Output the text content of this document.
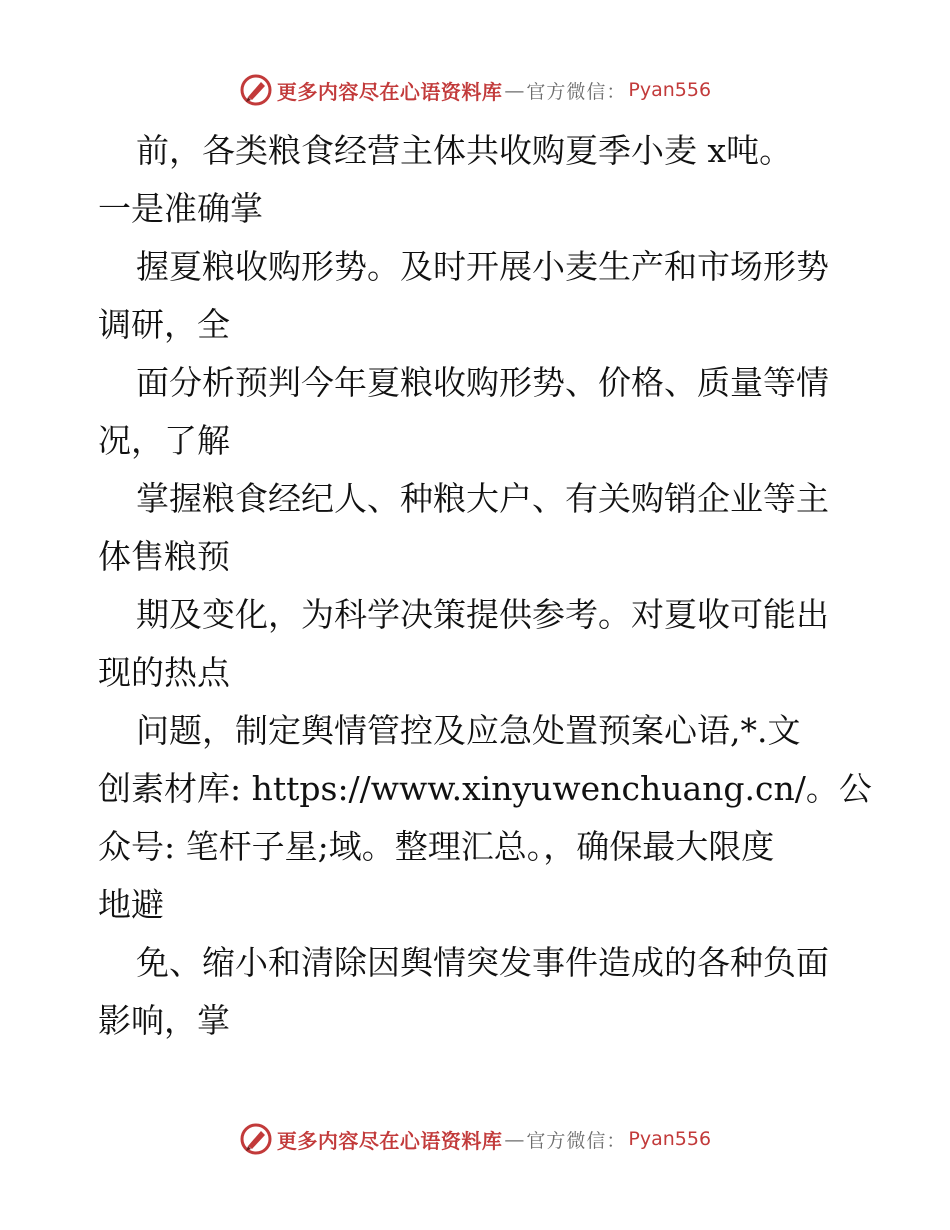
更多内容尽在心语资料库 — 官方微信： Pyan556
前，各类粮食经营主体共收购夏季小麦 x吨。
一是准确掌
握夏粮收购形势。及时开展小麦生产和市场形势
调研，全
面分析预判今年夏粮收购形势、价格、质量等情
况，了解
掌握粮食经纪人、种粮大户、有关购销企业等主
体售粮预
期及变化，为科学决策提供参考。对夏收可能出
现的热点
问题，制定舆情管控及应急处置预案心语,*.文
创素材库: https://www.xinyuwenchuang.cn/。公
众号: 笔杆子星;域。整理汇总。，确保最大限度
地避
免、缩小和清除因舆情突发事件造成的各种负面
影响，掌
更多内容尽在心语资料库 — 官方微信： Pyan556
